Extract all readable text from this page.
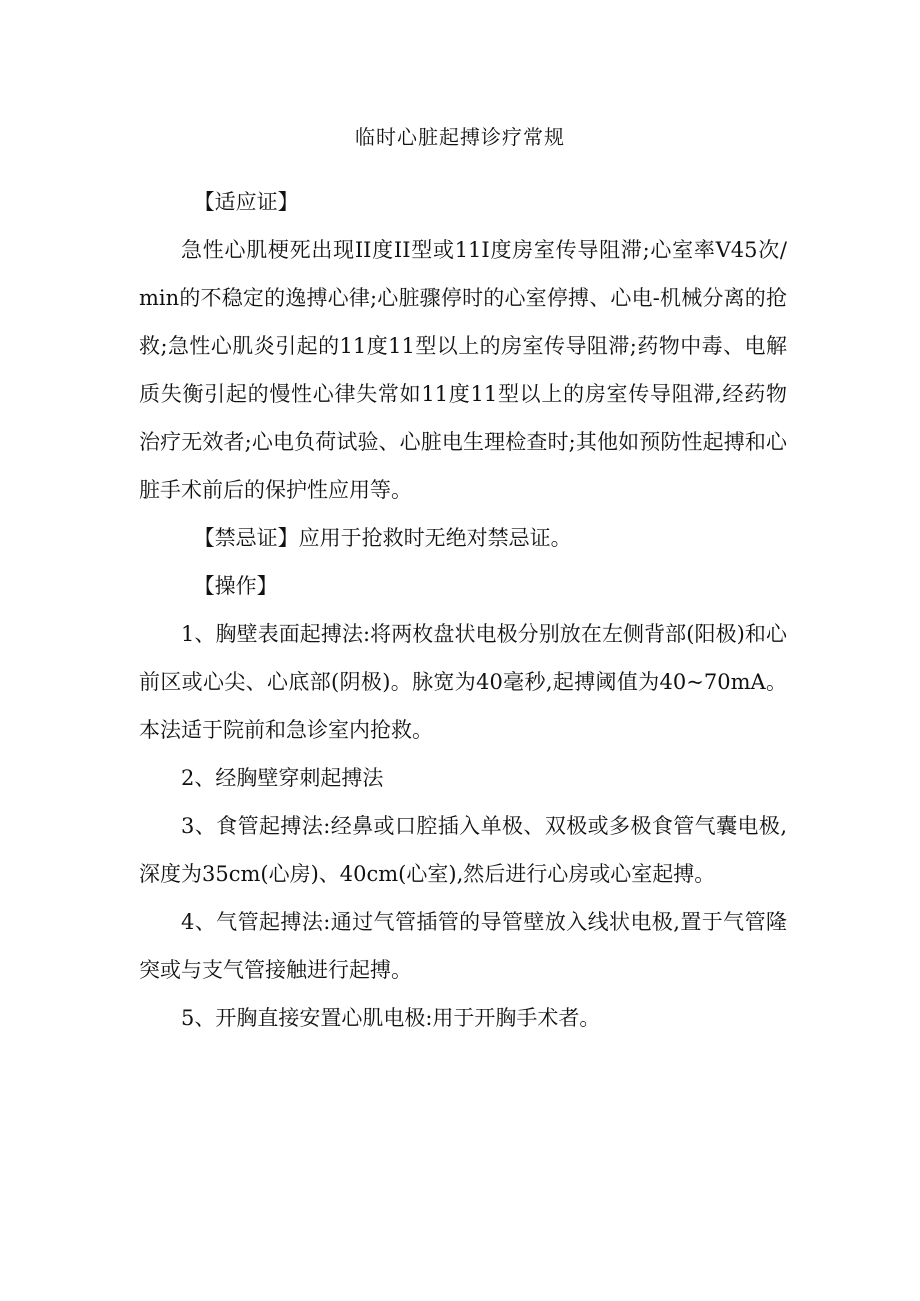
临时心脏起搏诊疗常规
【适应证】

急性心肌梗死出现II度II型或11I度房室传导阻滞;心室率V45次/min的不稳定的逸搏心律;心脏骤停时的心室停搏、心电-机械分离的抢救;急性心肌炎引起的11度11型以上的房室传导阻滞;药物中毒、电解质失衡引起的慢性心律失常如11度11型以上的房室传导阻滞,经药物治疗无效者;心电负荷试验、心脏电生理检查时;其他如预防性起搏和心脏手术前后的保护性应用等。

【禁忌证】应用于抢救时无绝对禁忌证。
【操作】

1、胸壁表面起搏法:将两枚盘状电极分别放在左侧背部(阳极)和心前区或心尖、心底部(阴极)。脉宽为40毫秒,起搏阈值为40~70mA。本法适于院前和急诊室内抢救。

2、经胸壁穿刺起搏法

3、食管起搏法:经鼻或口腔插入单极、双极或多极食管气囊电极,深度为35cm(心房)、40cm(心室),然后进行心房或心室起搏。

4、气管起搏法:通过气管插管的导管壁放入线状电极,置于气管隆突或与支气管接触进行起搏。

5、开胸直接安置心肌电极:用于开胸手术者。
